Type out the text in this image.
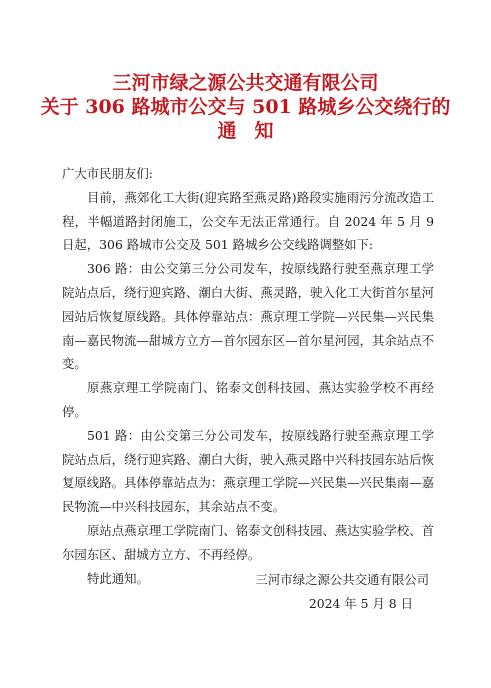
三河市绿之源公共交通有限公司
关于 306 路城市公交与 501 路城乡公交绕行的
通知

广大市民朋友们:

目前，燕郊化工大街(迎宾路至燕灵路)路段实施雨污分流改造工程，半幅道路封闭施工，公交车无法正常通行。自 2024 年 5 月 9 日起，306 路城市公交及 501 路城乡公交线路调整如下:

306 路：由公交第三分公司发车，按原线路行驶至燕京理工学院站点后，绕行迎宾路、潮白大街、燕灵路，驶入化工大街首尔星河园站后恢复原线路。具体停靠站点：燕京理工学院—兴民集—兴民集南—嘉民物流—甜城方立方—首尔园东区—首尔星河园，其余站点不变。

原燕京理工学院南门、铭泰文创科技园、燕达实验学校不再经停。

501 路：由公交第三分公司发车，按原线路行驶至燕京理工学院站点后，绕行迎宾路、潮白大街，驶入燕灵路中兴科技园东站后恢复原线路。具体停靠站点为：燕京理工学院—兴民集—兴民集南—嘉民物流—中兴科技园东，其余站点不变。

原站点燕京理工学院南门、铭泰文创科技园、燕达实验学校、首尔园东区、甜城方立方、不再经停。

特此通知。	三河市绿之源公共交通有限公司
2024 年 5 月 8 日
